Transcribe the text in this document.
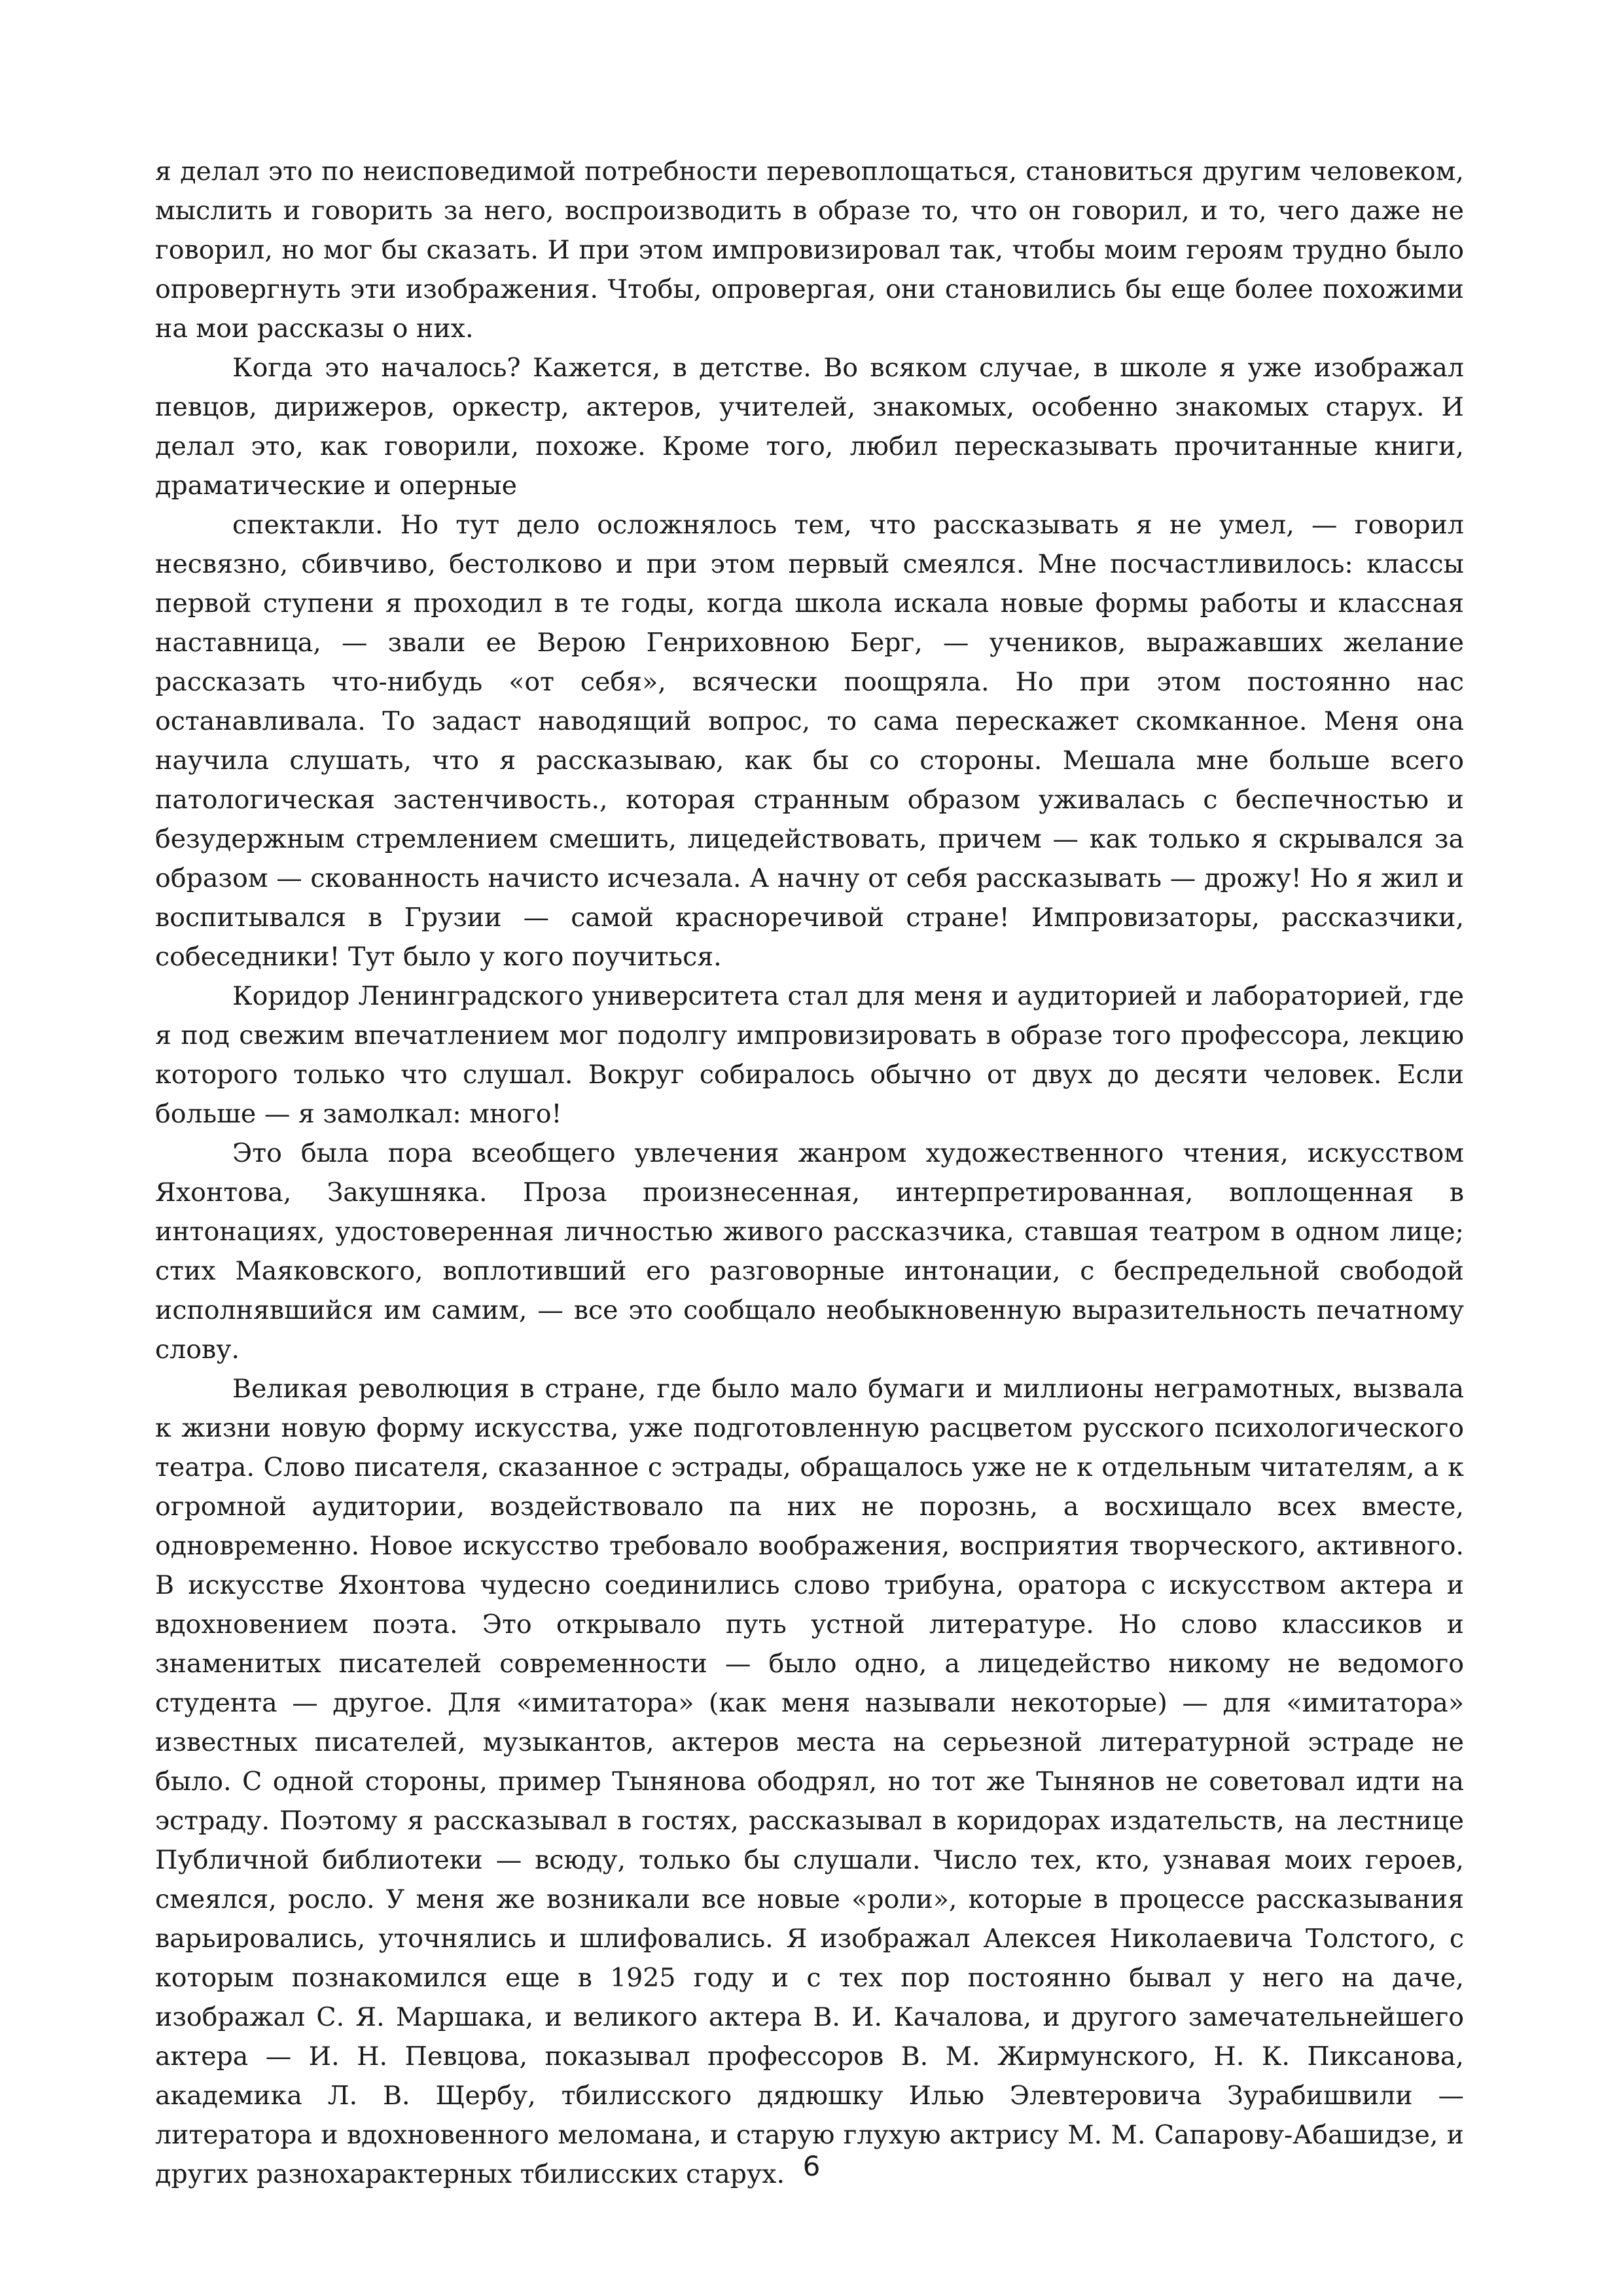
я делал это по неисповедимой потребности перевоплощаться, становиться другим человеком, мыслить и говорить за него, воспроизводить в образе то, что он говорил, и то, чего даже не говорил, но мог бы сказать. И при этом импровизировал так, чтобы моим героям трудно было опровергнуть эти изображения. Чтобы, опровергая, они становились бы еще более похожими на мои рассказы о них.

Когда это началось? Кажется, в детстве. Во всяком случае, в школе я уже изображал певцов, дирижеров, оркестр, актеров, учителей, знакомых, особенно знакомых старух. И делал это, как говорили, похоже. Кроме того, любил пересказывать прочитанные книги, драматические и оперные

спектакли. Но тут дело осложнялось тем, что рассказывать я не умел, — говорил несвязно, сбивчиво, бестолково и при этом первый смеялся. Мне посчастливилось: классы первой ступени я проходил в те годы, когда школа искала новые формы работы и классная наставница, — звали ее Верою Генриховною Берг, — учеников, выражавших желание рассказать что-нибудь «от себя», всячески поощряла. Но при этом постоянно нас останавливала. То задаст наводящий вопрос, то сама перескажет скомканное. Меня она научила слушать, что я рассказываю, как бы со стороны. Мешала мне больше всего патологическая застенчивость., которая странным образом уживалась с беспечностью и безудержным стремлением смешить, лицедействовать, причем — как только я скрывался за образом — скованность начисто исчезала. А начну от себя рассказывать — дрожу! Но я жил и воспитывался в Грузии — самой красноречивой стране! Импровизаторы, рассказчики, собеседники! Тут было у кого поучиться.

Коридор Ленинградского университета стал для меня и аудиторией и лабораторией, где я под свежим впечатлением мог подолгу импровизировать в образе того профессора, лекцию которого только что слушал. Вокруг собиралось обычно от двух до десяти человек. Если больше — я замолкал: много!

Это была пора всеобщего увлечения жанром художественного чтения, искусством Яхонтова, Закушняка. Проза произнесенная, интерпретированная, воплощенная в интонациях, удостоверенная личностью живого рассказчика, ставшая театром в одном лице; стих Маяковского, воплотивший его разговорные интонации, с беспредельной свободой исполнявшийся им самим, — все это сообщало необыкновенную выразительность печатному слову.

Великая революция в стране, где было мало бумаги и миллионы неграмотных, вызвала к жизни новую форму искусства, уже подготовленную расцветом русского психологического театра. Слово писателя, сказанное с эстрады, обращалось уже не к отдельным читателям, а к огромной аудитории, воздействовало па них не порознь, а восхищало всех вместе, одновременно. Новое искусство требовало воображения, восприятия творческого, активного. В искусстве Яхонтова чудесно соединились слово трибуна, оратора с искусством актера и вдохновением поэта. Это открывало путь устной литературе. Но слово классиков и знаменитых писателей современности — было одно, а лицедейство никому не ведомого студента — другое. Для «имитатора» (как меня называли некоторые) — для «имитатора» известных писателей, музыкантов, актеров места на серьезной литературной эстраде не было. С одной стороны, пример Тынянова ободрял, но тот же Тынянов не советовал идти на эстраду. Поэтому я рассказывал в гостях, рассказывал в коридорах издательств, на лестнице Публичной библиотеки — всюду, только бы слушали. Число тех, кто, узнавая моих героев, смеялся, росло. У меня же возникали все новые «роли», которые в процессе рассказывания варьировались, уточнялись и шлифовались. Я изображал Алексея Николаевича Толстого, с которым познакомился еще в 1925 году и с тех пор постоянно бывал у него на даче, изображал С. Я. Маршака, и великого актера В. И. Качалова, и другого замечательнейшего актера — И. Н. Певцова, показывал профессоров В. М. Жирмунского, Н. К. Пиксанова, академика Л. В. Щербу, тбилисского дядюшку Илью Элевтеровича Зурабишвили — литератора и вдохновенного меломана, и старую глухую актрису М. М. Сапарову-Абашидзе, и других разнохарактерных тбилисских старух. 6
